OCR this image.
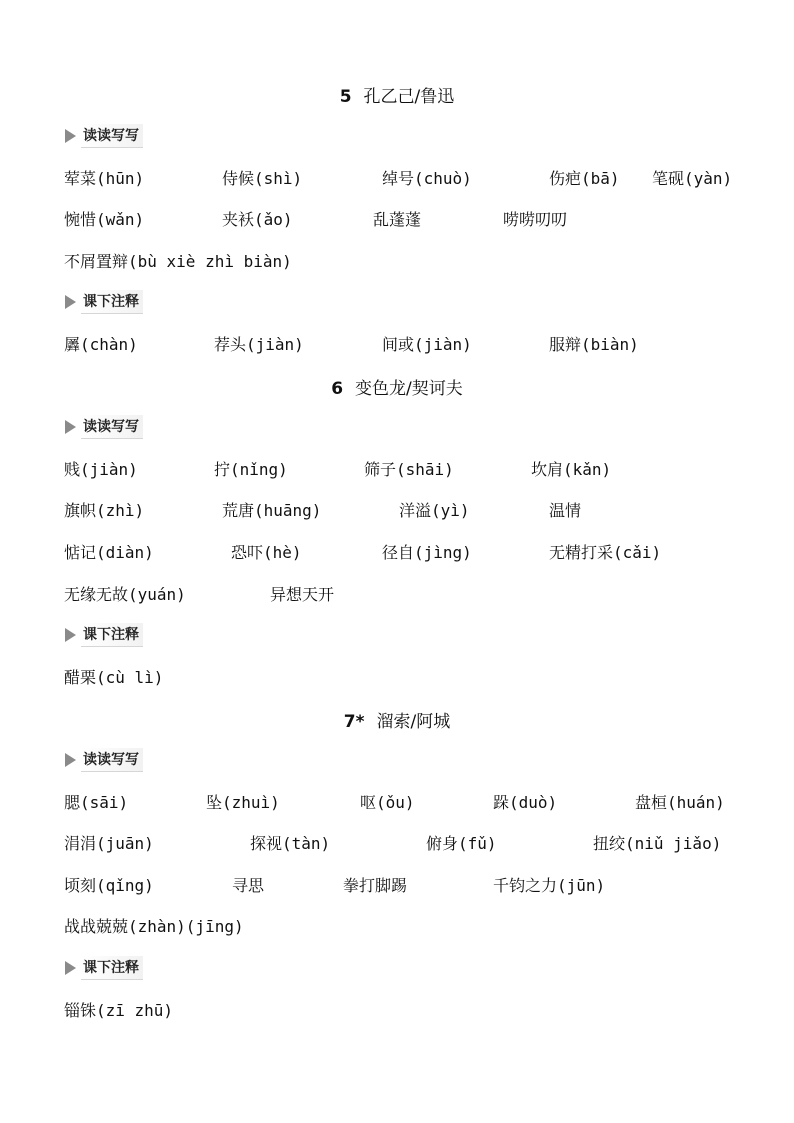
5 孔乙己/鲁迅
读读写写
荤菜(hūn)	侍候(shì)	绰号(chuò)	伤疤(bā) 笔砚(yàn)
惋惜(wǎn)	夹袄(ǎo)	乱蓬蓬	唠唠叨叨
不屑置辩(bù xiè zhì biàn)
课下注释
羼(chàn)	荐头(jiàn)	间或(jiàn)	服辩(biàn)
6 变色龙/契诃夫
读读写写
贱(jiàn)	拧(nǐng)	筛子(shāi)	坎肩(kǎn)
旗帜(zhì)	荒唐(huāng)	洋溢(yì)	温情
惦记(diàn)	恐吓(hè)	径自(jìng)	无精打采(cǎi)
无缘无故(yuán)	异想天开
课下注释
醋栗(cù lì)
7* 溜索/阿城
读读写写
腮(sāi)	坠(zhuì)	呕(ǒu)	跺(duò)	盘桓(huán)
涓涓(juān)	探视(tàn)	俯身(fǔ)	扭绞(niǔ jiǎo)
顷刻(qǐng)	寻思	拳打脚踢	千钧之力(jūn)
战战兢兢(zhàn)(jīng)
课下注释
锱铢(zī zhū)
